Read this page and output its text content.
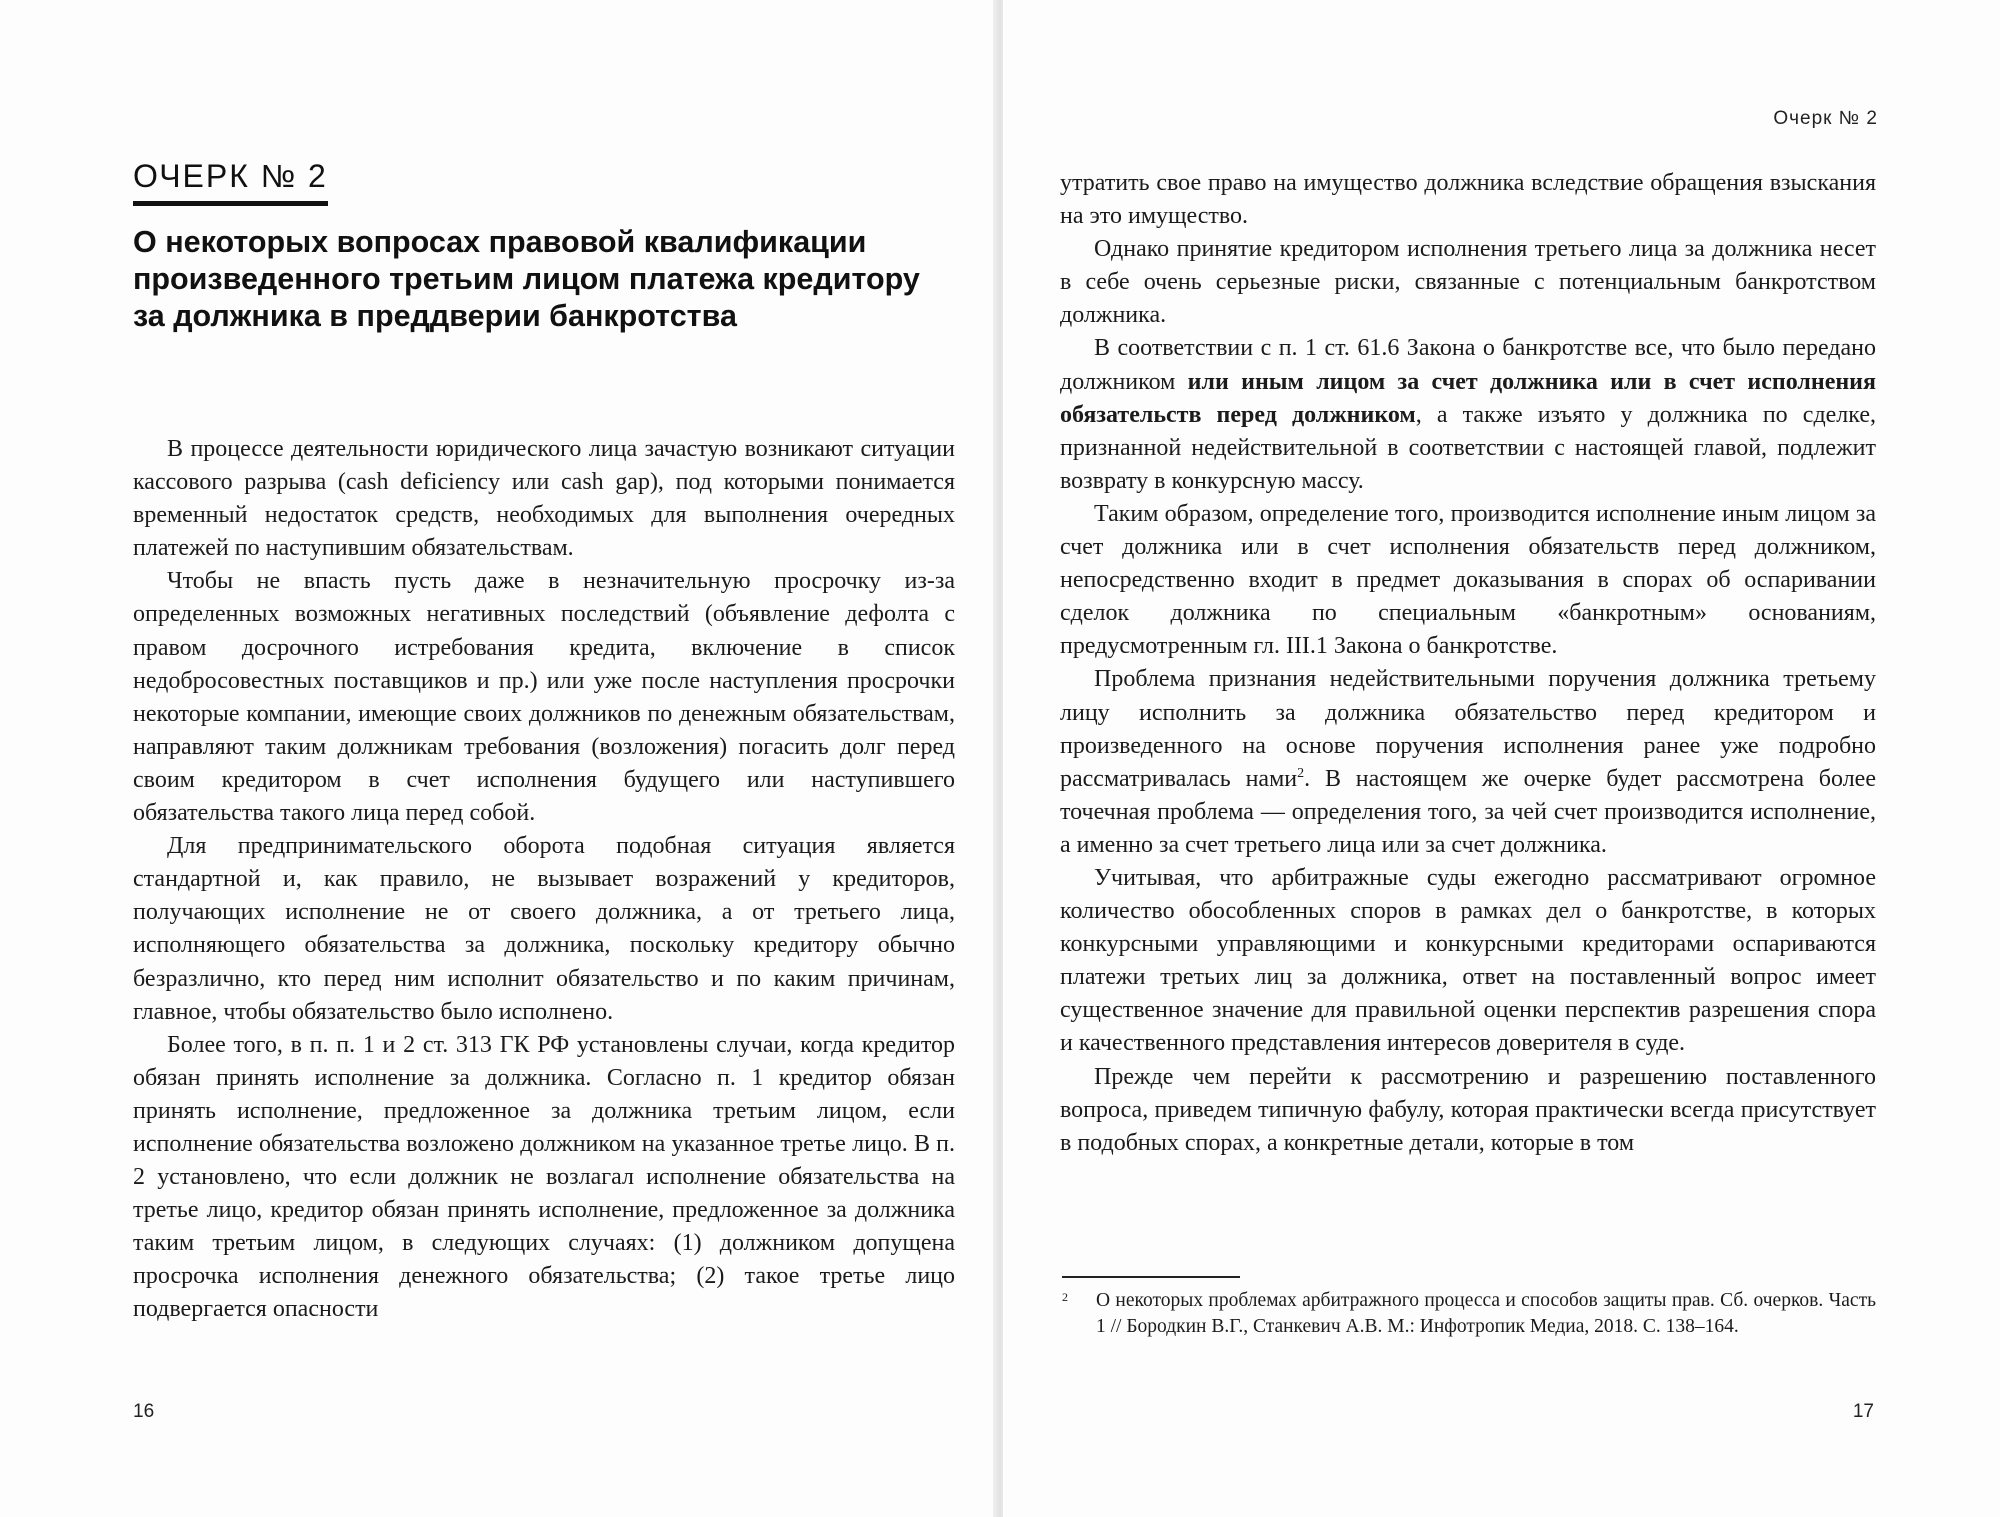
ОЧЕРК № 2
О некоторых вопросах правовой квалификации произведенного третьим лицом платежа кредитору за должника в преддверии банкротства

В процессе деятельности юридического лица зачастую возникают ситуации кассового разрыва (cash deficiency или cash gap), под которыми понимается временный недостаток средств, необходимых для выполнения очередных платежей по наступившим обязательствам.

Чтобы не впасть пусть даже в незначительную просрочку из-за определенных возможных негативных последствий (объявление дефолта с правом досрочного истребования кредита, включение в список недобросовестных поставщиков и пр.) или уже после наступления просрочки некоторые компании, имеющие своих должников по денежным обязательствам, направляют таким должникам требования (возложения) погасить долг перед своим кредитором в счет исполнения будущего или наступившего обязательства такого лица перед собой.

Для предпринимательского оборота подобная ситуация является стандартной и, как правило, не вызывает возражений у кредиторов, получающих исполнение не от своего должника, а от третьего лица, исполняющего обязательства за должника, поскольку кредитору обычно безразлично, кто перед ним исполнит обязательство и по каким причинам, главное, чтобы обязательство было исполнено.

Более того, в п. п. 1 и 2 ст. 313 ГК РФ установлены случаи, когда кредитор обязан принять исполнение за должника. Согласно п. 1 кредитор обязан принять исполнение, предложенное за должника третьим лицом, если исполнение обязательства возложено должником на указанное третье лицо. В п. 2 установлено, что если должник не возлагал исполнение обязательства на третье лицо, кредитор обязан принять исполнение, предложенное за должника таким третьим лицом, в следующих случаях: (1) должником допущена просрочка исполнения денежного обязательства; (2) такое третье лицо подвергается опасности

16
Очерк № 2

утратить свое право на имущество должника вследствие обращения взыскания на это имущество.

Однако принятие кредитором исполнения третьего лица за должника несет в себе очень серьезные риски, связанные с потенциальным банкротством должника.

В соответствии с п. 1 ст. 61.6 Закона о банкротстве все, что было передано должником или иным лицом за счет должника или в счет исполнения обязательств перед должником, а также изъято у должника по сделке, признанной недействительной в соответствии с настоящей главой, подлежит возврату в конкурсную массу.

Таким образом, определение того, производится исполнение иным лицом за счет должника или в счет исполнения обязательств перед должником, непосредственно входит в предмет доказывания в спорах об оспаривании сделок должника по специальным «банкротным» основаниям, предусмотренным гл. III.1 Закона о банкротстве.

Проблема признания недействительными поручения должника третьему лицу исполнить за должника обязательство перед кредитором и произведенного на основе поручения исполнения ранее уже подробно рассматривалась нами$^2$. В настоящем же очерке будет рассмотрена более точечная проблема — определения того, за чей счет производится исполнение, а именно за счет третьего лица или за счет должника.

Учитывая, что арбитражные суды ежегодно рассматривают огромное количество обособленных споров в рамках дел о банкротстве, в которых конкурсными управляющими и конкурсными кредиторами оспариваются платежи третьих лиц за должника, ответ на поставленный вопрос имеет существенное значение для правильной оценки перспектив разрешения спора и качественного представления интересов доверителя в суде.

Прежде чем перейти к рассмотрению и разрешению поставленного вопроса, приведем типичную фабулу, которая практически всегда присутствует в подобных спорах, а конкретные детали, которые в том

2 О некоторых проблемах арбитражного процесса и способов защиты прав. Сб. очерков. Часть 1 // Бородкин В.Г., Станкевич А.В. М.: Инфотропик Медиа, 2018. С. 138–164.
17
